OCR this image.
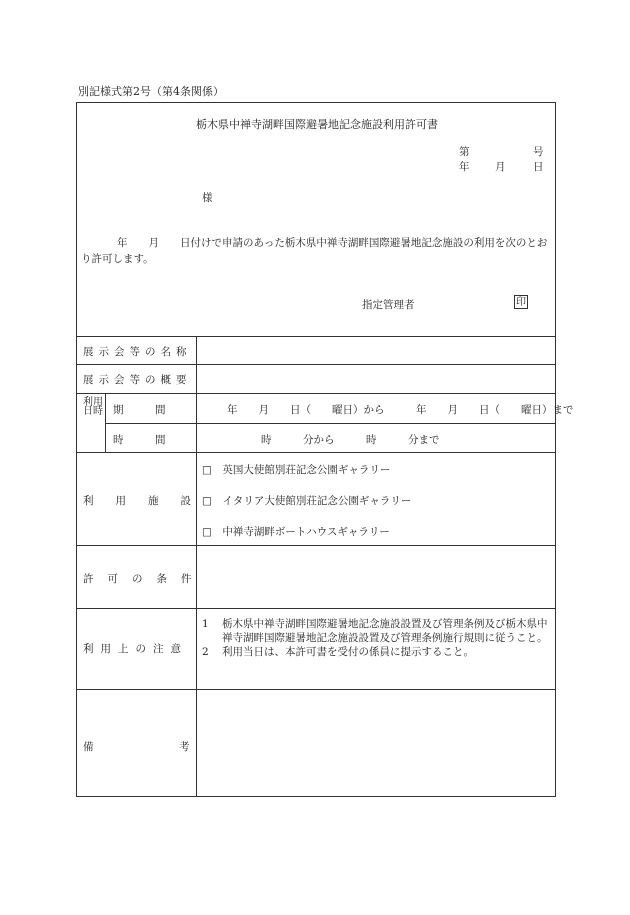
別記様式第2号（第4条関係）
栃木県中禅寺湖畔国際避暑地記念施設利用許可書
第	号
年 月	日
様
年　　月　　日付けで申請のあった栃木県中禅寺湖畔国際避暑地記念施設の利用を次のとおり許可します。
指定管理者	印
展示会等の名称
展示会等の概要
利用日時 期　　　間	年　　月　　日（　　曜日）から　　　年　　月　　日（　　曜日）まで
時　　　間	時　　　分から　　　時　　　分まで
利用施設
□　英国大使館別荘記念公園ギャラリー
□　イタリア大使館別荘記念公園ギャラリー
□　中禅寺湖畔ボートハウスギャラリー
許可の条件
利用上の注意
1	栃木県中禅寺湖畔国際避暑地記念施設設置及び管理条例及び栃木県中禅寺湖畔国際避暑地記念施設設置及び管理条例施行規則に従うこと。
2	利用当日は、本許可書を受付の係員に提示すること。
備	考
